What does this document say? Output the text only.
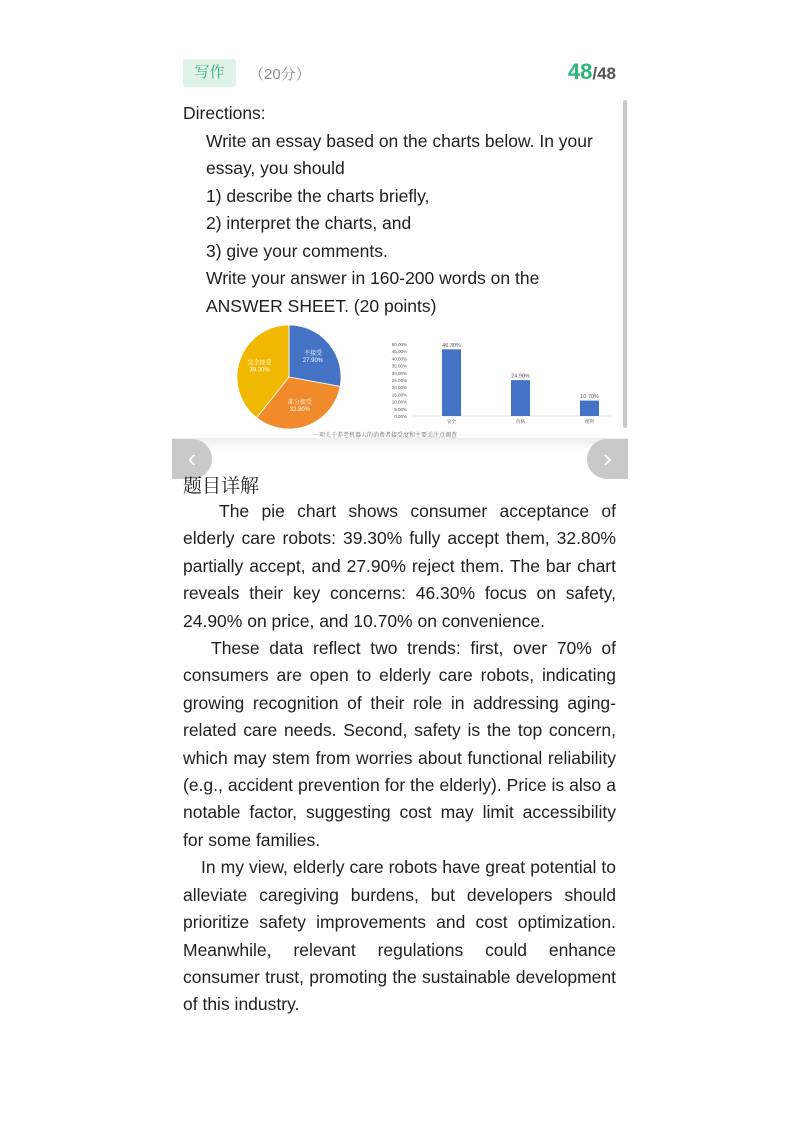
写作	（20分）	48/48

Directions:

Write an essay based on the charts below. In your essay, you should

1) describe the charts briefly,

2) interpret the charts, and

3) give your comments.

Write your answer in 160-200 words on the ANSWER SHEET. (20 points)

不接受
27.90%
部分接受
32.80%
完全接受
39.30%
50.00%
45.00%
40.00%
35.00%
30.00%
25.00%
20.00%
15.00%
10.00%
5.00%
0.00%
46.30%
安全
24.90%
价格
10.70%
便利
一项关于养老机器人的消费者接受度和主要关注点调查
‹	›
题目详解

The pie chart shows consumer acceptance of elderly care robots: 39.30% fully accept them, 32.80% partially accept, and 27.90% reject them. The bar chart reveals their key concerns: 46.30% focus on safety, 24.90% on price, and 10.70% on convenience.

These data reflect two trends: first, over 70% of consumers are open to elderly care robots, indicating growing recognition of their role in addressing aging-related care needs. Second, safety is the top concern, which may stem from worries about functional reliability (e.g., accident prevention for the elderly). Price is also a notable factor, suggesting cost may limit accessibility for some families.

In my view, elderly care robots have great potential to alleviate caregiving burdens, but developers should prioritize safety improvements and cost optimization. Meanwhile, relevant regulations could enhance consumer trust, promoting the sustainable development of this industry.
